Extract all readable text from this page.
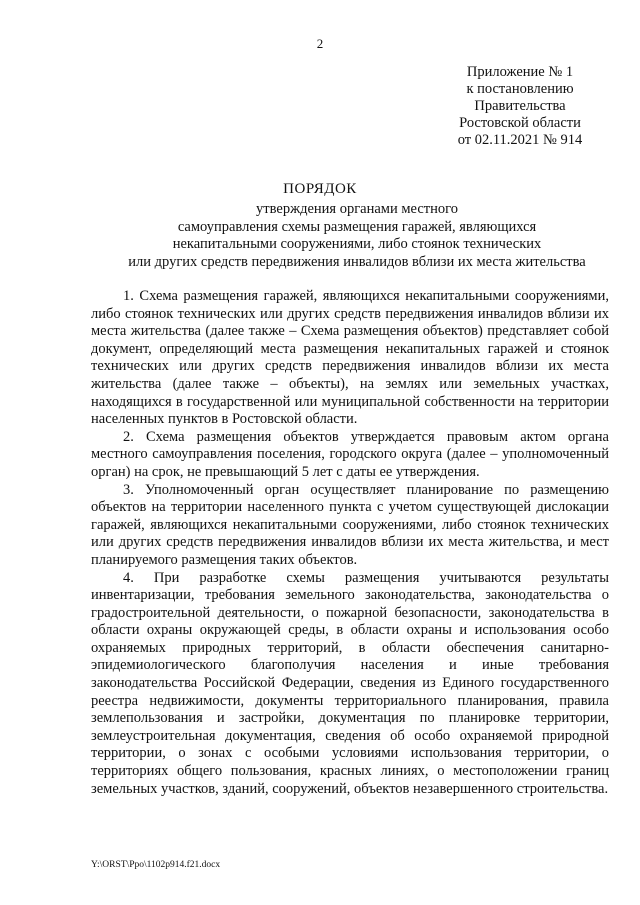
2
Приложение № 1
к постановлению
Правительства
Ростовской области
от 02.11.2021 № 914
ПОРЯДОК
утверждения органами местного
самоуправления схемы размещения гаражей, являющихся
некапитальными сооружениями, либо стоянок технических
или других средств передвижения инвалидов вблизи их места жительства

1. Схема размещения гаражей, являющихся некапитальными сооружениями, либо стоянок технических или других средств передвижения инвалидов вблизи их места жительства (далее также – Схема размещения объектов) представляет собой документ, определяющий места размещения некапитальных гаражей и стоянок технических или других средств передвижения инвалидов вблизи их места жительства (далее также – объекты), на землях или земельных участках, находящихся в государственной или муниципальной собственности на территории населенных пунктов в Ростовской области.

2. Схема размещения объектов утверждается правовым актом органа местного самоуправления поселения, городского округа (далее – уполномоченный орган) на срок, не превышающий 5 лет с даты ее утверждения.

3. Уполномоченный орган осуществляет планирование по размещению объектов на территории населенного пункта с учетом существующей дислокации гаражей, являющихся некапитальными сооружениями, либо стоянок технических или других средств передвижения инвалидов вблизи их места жительства, и мест планируемого размещения таких объектов.

4. При разработке схемы размещения учитываются результаты инвентаризации, требования земельного законодательства, законодательства о градостроительной деятельности, о пожарной безопасности, законодательства в области охраны окружающей среды, в области охраны и использования особо охраняемых природных территорий, в области обеспечения санитарно-эпидемиологического благополучия населения и иные требования законодательства Российской Федерации, сведения из Единого государственного реестра недвижимости, документы территориального планирования, правила землепользования и застройки, документация по планировке территории, землеустроительная документация, сведения об особо охраняемой природной территории, о зонах с особыми условиями использования территории, о территориях общего пользования, красных линиях, о местоположении границ земельных участков, зданий, сооружений, объектов незавершенного строительства.

Y:\ORST\Ppo\1102p914.f21.docx
